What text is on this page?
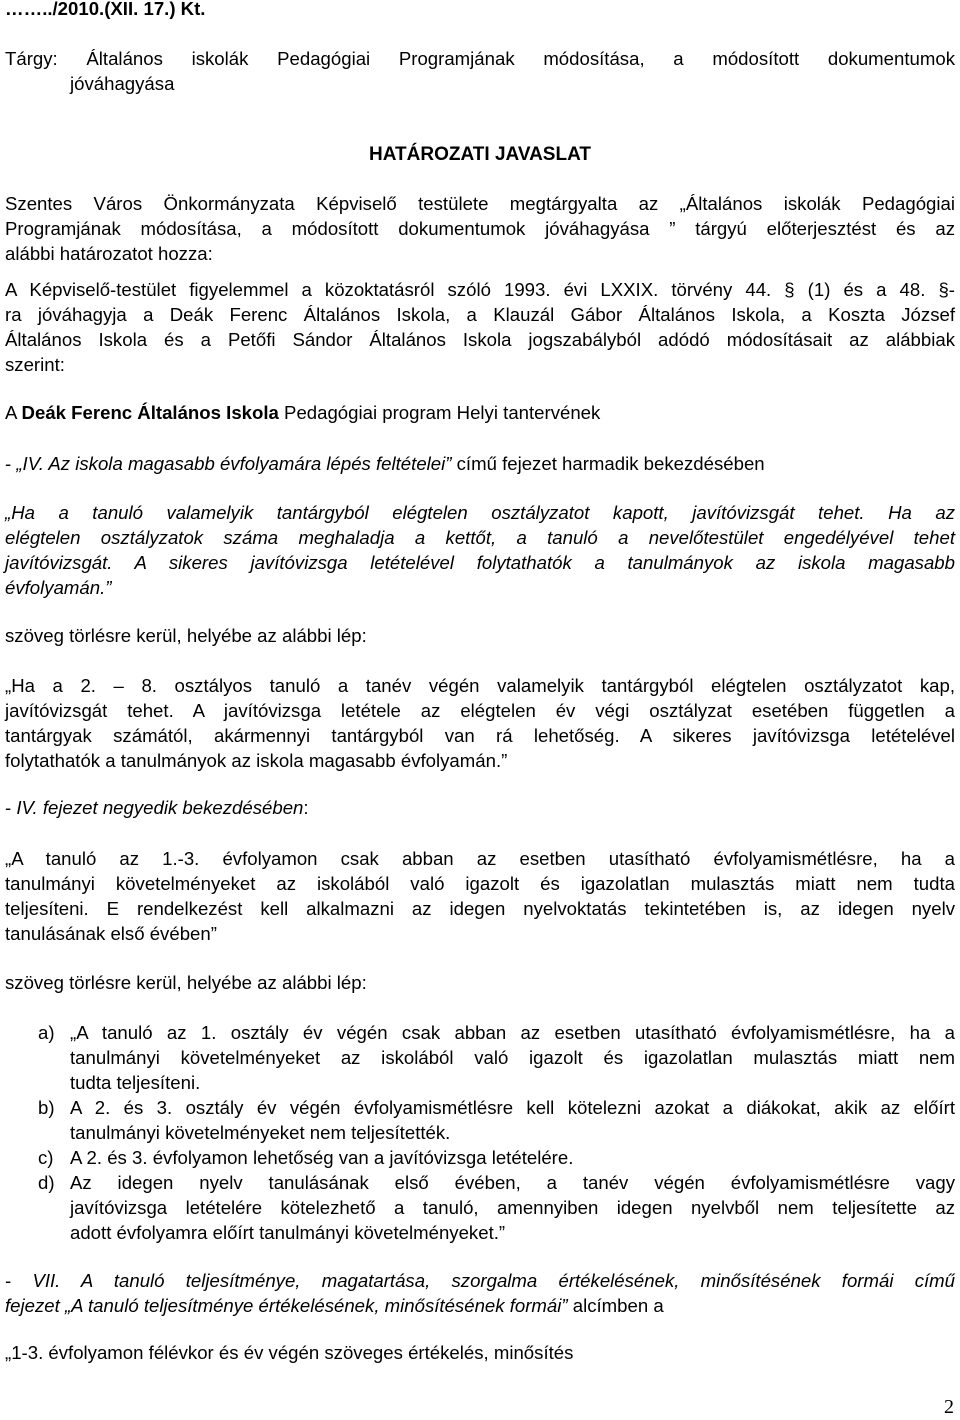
……../2010.(XII. 17.) Kt.
Tárgy: Általános iskolák Pedagógiai Programjának módosítása, a módosított dokumentumok
jóváhagyása
HATÁROZATI JAVASLAT
Szentes Város Önkormányzata Képviselő testülete megtárgyalta az „Általános iskolák Pedagógiai
Programjának módosítása, a módosított dokumentumok jóváhagyása ” tárgyú előterjesztést és az
alábbi határozatot hozza:
A Képviselő-testület figyelemmel a közoktatásról szóló 1993. évi LXXIX. törvény 44. § (1) és a 48. §-
ra jóváhagyja a Deák Ferenc Általános Iskola, a Klauzál Gábor Általános Iskola, a Koszta József
Általános Iskola és a Petőfi Sándor Általános Iskola jogszabályból adódó módosításait az alábbiak
szerint:
A Deák Ferenc Általános Iskola Pedagógiai program Helyi tantervének
- „IV. Az iskola magasabb évfolyamára lépés feltételei” című fejezet harmadik bekezdésében
„Ha a tanuló valamelyik tantárgyból elégtelen osztályzatot kapott, javítóvizsgát tehet. Ha az
elégtelen osztályzatok száma meghaladja a kettőt, a tanuló a nevelőtestület engedélyével tehet
javítóvizsgát. A sikeres javítóvizsga letételével folytathatók a tanulmányok az iskola magasabb
évfolyamán.”
szöveg törlésre kerül, helyébe az alábbi lép:
„Ha a 2. – 8. osztályos tanuló a tanév végén valamelyik tantárgyból elégtelen osztályzatot kap,
javítóvizsgát tehet. A javítóvizsga letétele az elégtelen év végi osztályzat esetében független a
tantárgyak számától, akármennyi tantárgyból van rá lehetőség. A sikeres javítóvizsga letételével
folytathatók a tanulmányok az iskola magasabb évfolyamán.”
- IV. fejezet negyedik bekezdésében:
„A tanuló az 1.-3. évfolyamon csak abban az esetben utasítható évfolyamismétlésre, ha a
tanulmányi követelményeket az iskolából való igazolt és igazolatlan mulasztás miatt nem tudta
teljesíteni. E rendelkezést kell alkalmazni az idegen nyelvoktatás tekintetében is, az idegen nyelv
tanulásának első évében”
szöveg törlésre kerül, helyébe az alábbi lép:
a) „A tanuló az 1. osztály év végén csak abban az esetben utasítható évfolyamismétlésre, ha a
tanulmányi követelményeket az iskolából való igazolt és igazolatlan mulasztás miatt nem
tudta teljesíteni.
b) A 2. és 3. osztály év végén évfolyamismétlésre kell kötelezni azokat a diákokat, akik az előírt
tanulmányi követelményeket nem teljesítették.
c) A 2. és 3. évfolyamon lehetőség van a javítóvizsga letételére.
d) Az idegen nyelv tanulásának első évében, a tanév végén évfolyamismétlésre vagy
javítóvizsga letételére kötelezhető a tanuló, amennyiben idegen nyelvből nem teljesítette az
adott évfolyamra előírt tanulmányi követelményeket.”
- VII. A tanuló teljesítménye, magatartása, szorgalma értékelésének, minősítésének formái című
fejezet „A tanuló teljesítménye értékelésének, minősítésének formái” alcímben a
„1-3. évfolyamon félévkor és év végén szöveges értékelés, minősítés
2
